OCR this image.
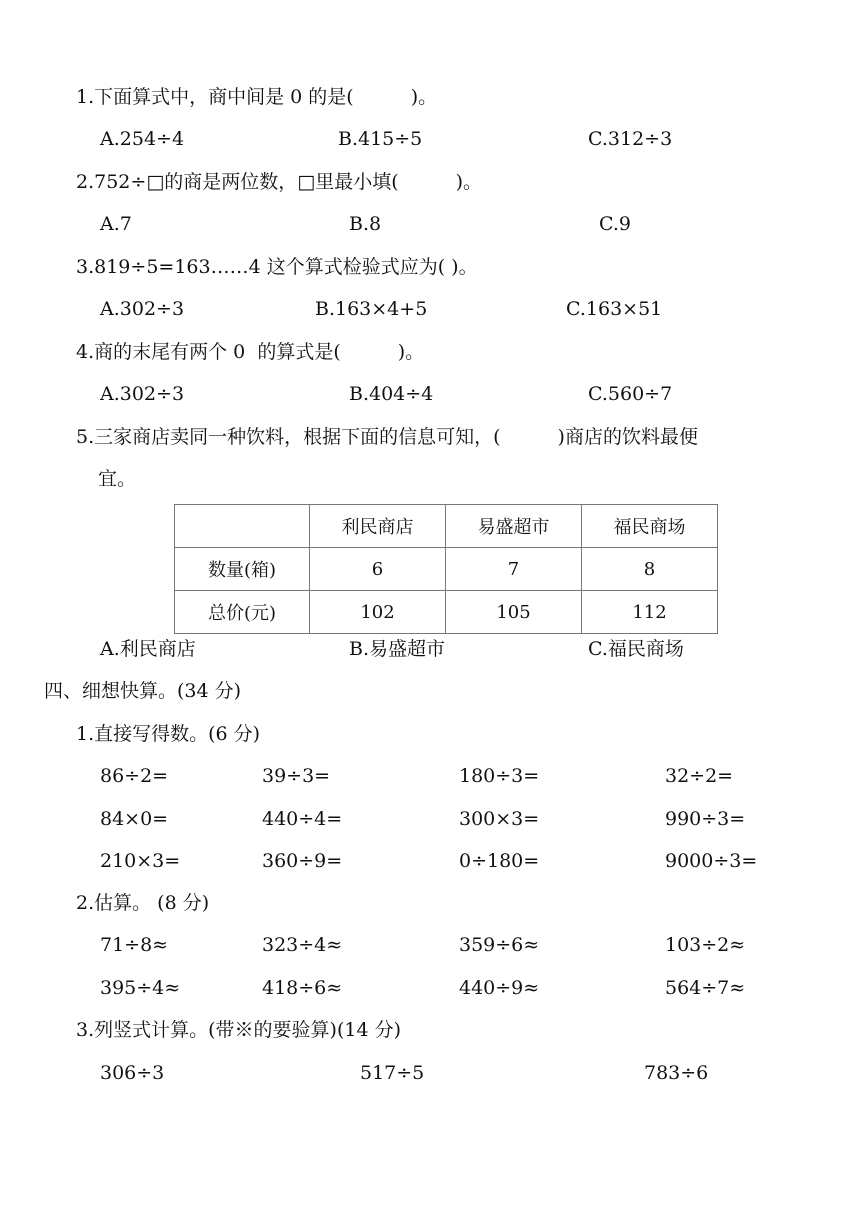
1.下面算式中，商中间是 0 的是(　　　)。
A.254÷4	B.415÷5	C.312÷3
2.752÷□的商是两位数，□里最小填(　　　)。
A.7	B.8	C.9
3.819÷5=163……4 这个算式检验式应为( )。
A.302÷3	B.163×4+5	C.163×51
4.商的末尾有两个 0  的算式是(　　　)。
A.302÷3	B.404÷4	C.560÷7
5.三家商店卖同一种饮料，根据下面的信息可知，(　　　)商店的饮料最便
宜。
	利民商店	易盛超市	福民商场
数量(箱)	6	7	8
总价(元)	102	105	112
A.利民商店	B.易盛超市	C.福民商场
四、细想快算。(34 分)
1.直接写得数。(6 分)
86÷2=	39÷3=	180÷3=	32÷2=
84×0=	440÷4=	300×3=	990÷3=
210×3=	360÷9=	0÷180=	9000÷3=
2.估算。 (8 分)
71÷8≈	323÷4≈	359÷6≈	103÷2≈
395÷4≈	418÷6≈	440÷9≈	564÷7≈
3.列竖式计算。(带※的要验算)(14 分)
306÷3	517÷5	783÷6
